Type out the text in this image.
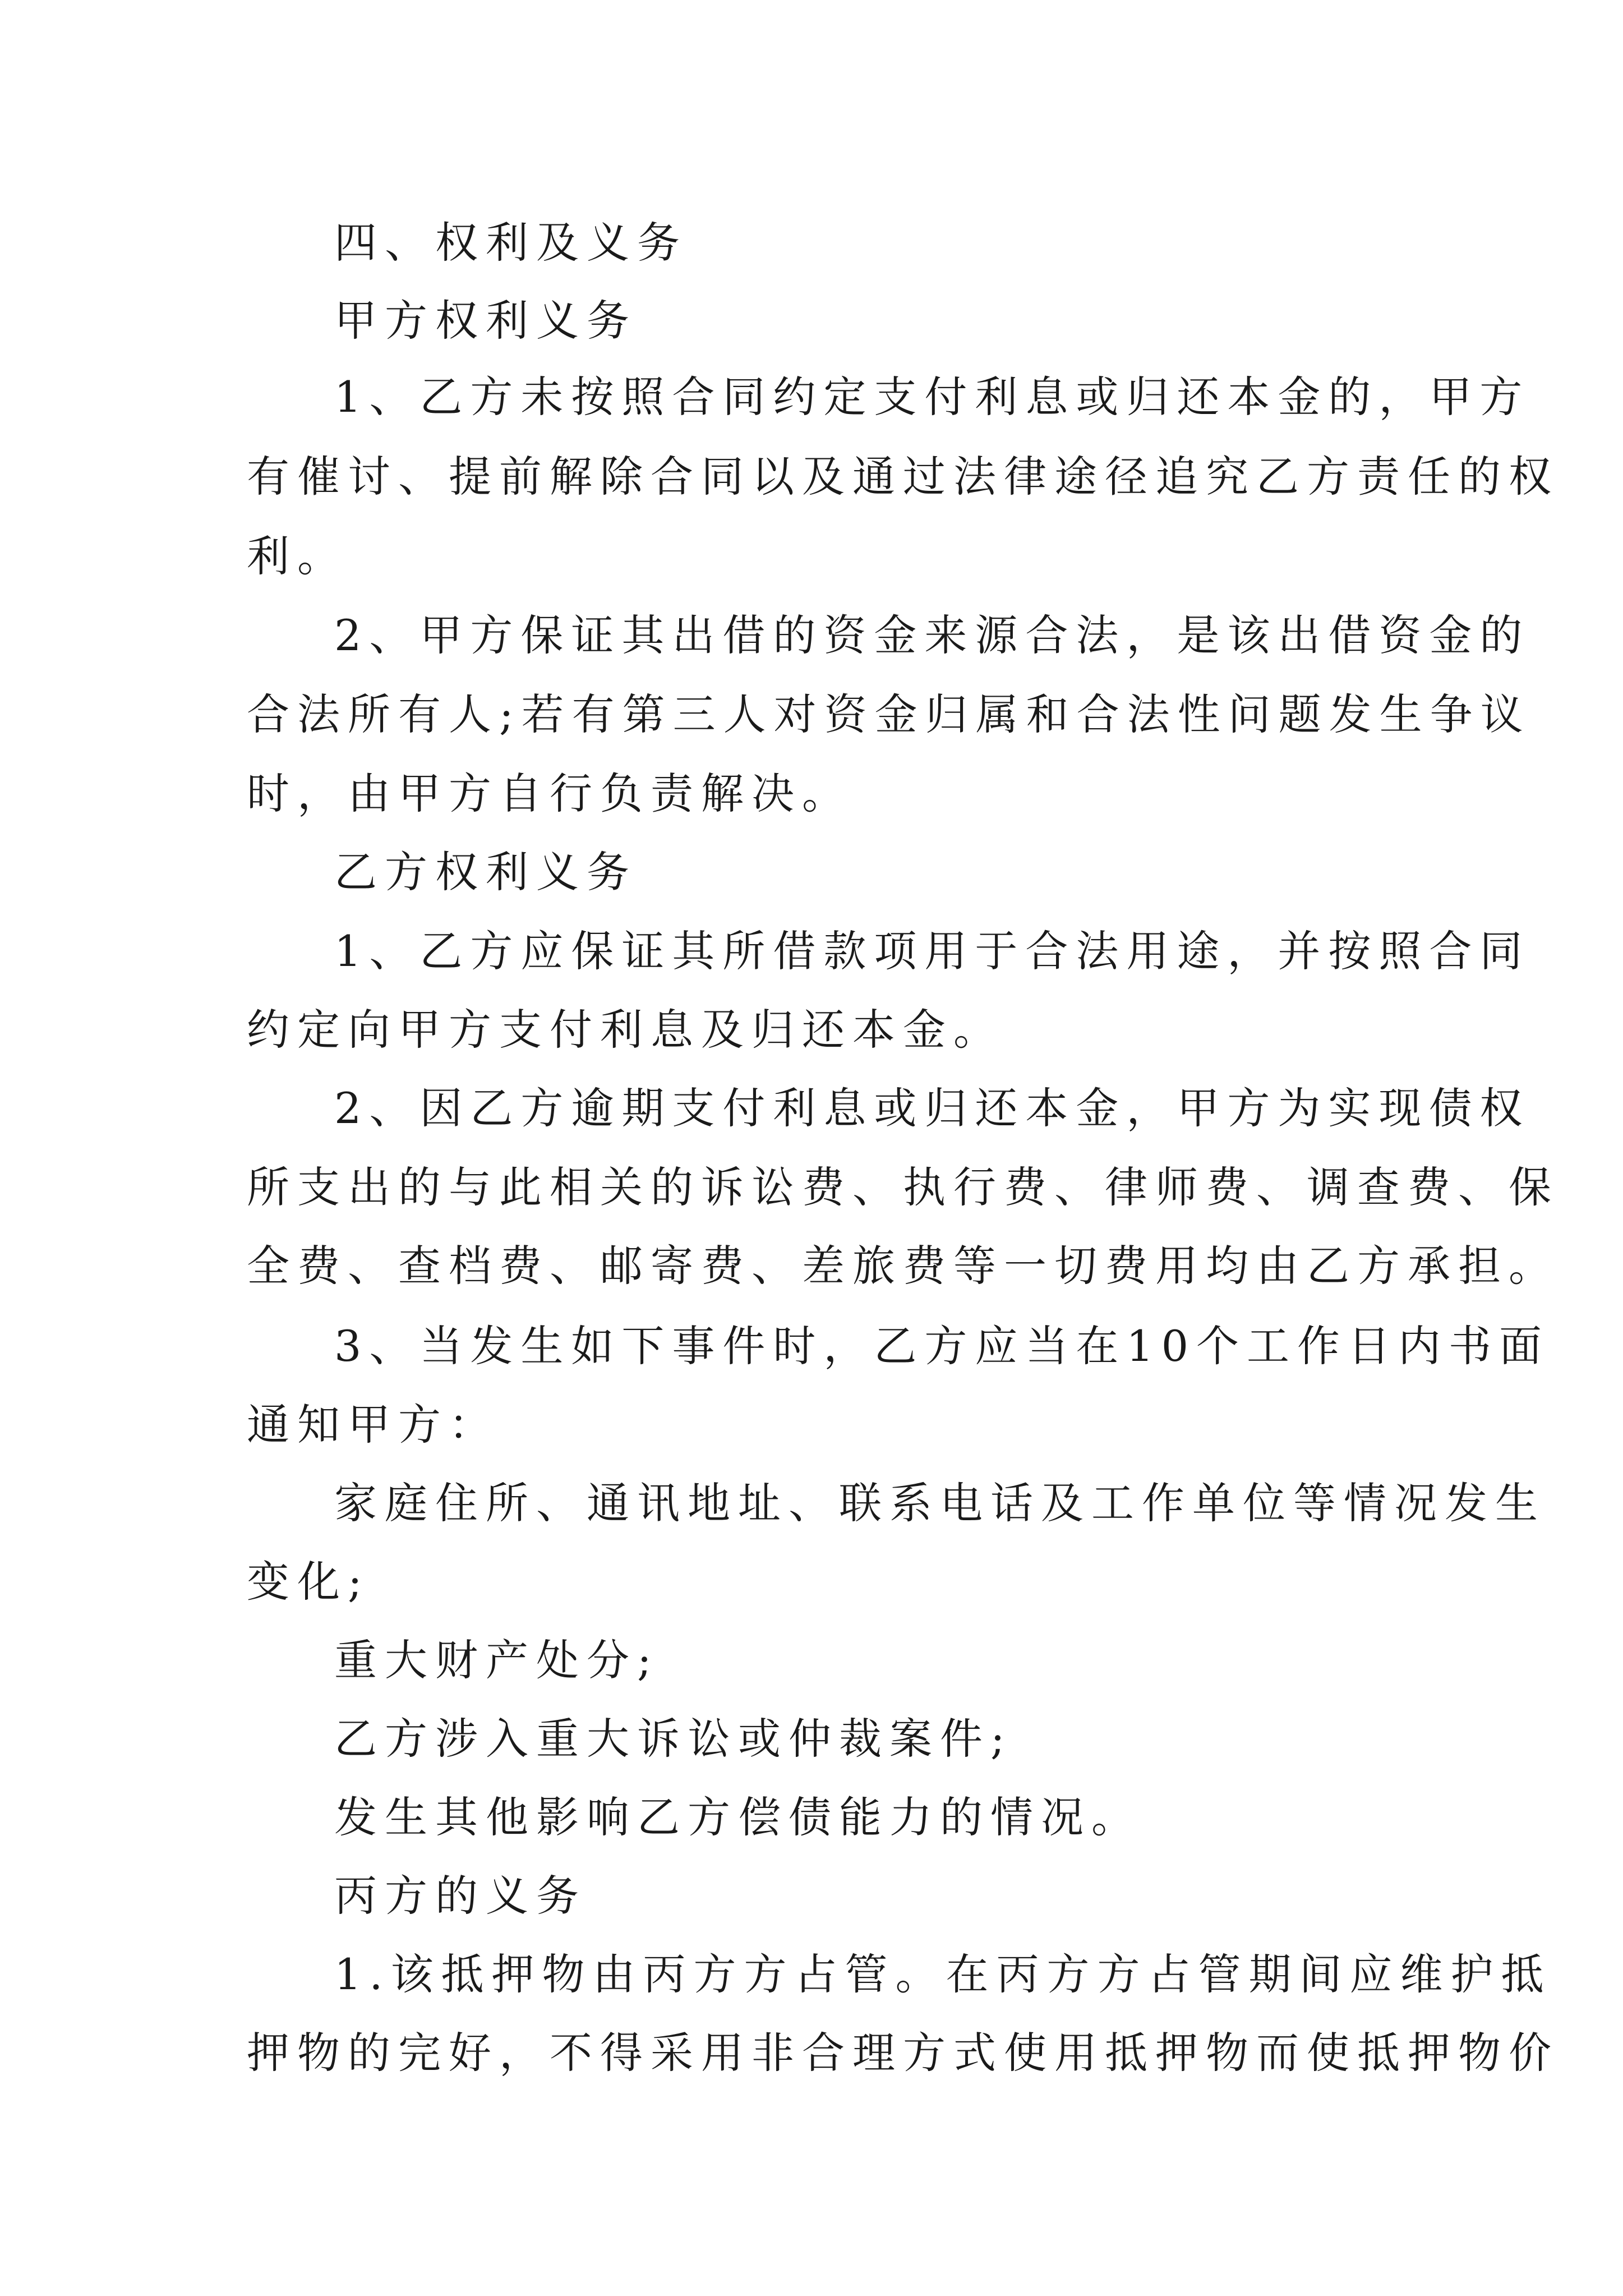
四、权利及义务

甲方权利义务

1、乙方未按照合同约定支付利息或归还本金的，甲方

有催讨、提前解除合同以及通过法律途径追究乙方责任的权

利。

2、甲方保证其出借的资金来源合法，是该出借资金的

合法所有人;若有第三人对资金归属和合法性问题发生争议

时，由甲方自行负责解决。

乙方权利义务

1、乙方应保证其所借款项用于合法用途，并按照合同

约定向甲方支付利息及归还本金。

2、因乙方逾期支付利息或归还本金，甲方为实现债权

所支出的与此相关的诉讼费、执行费、律师费、调查费、保

全费、查档费、邮寄费、差旅费等一切费用均由乙方承担。

3、当发生如下事件时，乙方应当在10个工作日内书面

通知甲方：

家庭住所、通讯地址、联系电话及工作单位等情况发生

变化;

重大财产处分;

乙方涉入重大诉讼或仲裁案件;

发生其他影响乙方偿债能力的情况。

丙方的义务

1.该抵押物由丙方方占管。在丙方方占管期间应维护抵

押物的完好，不得采用非合理方式使用抵押物而使抵押物价
